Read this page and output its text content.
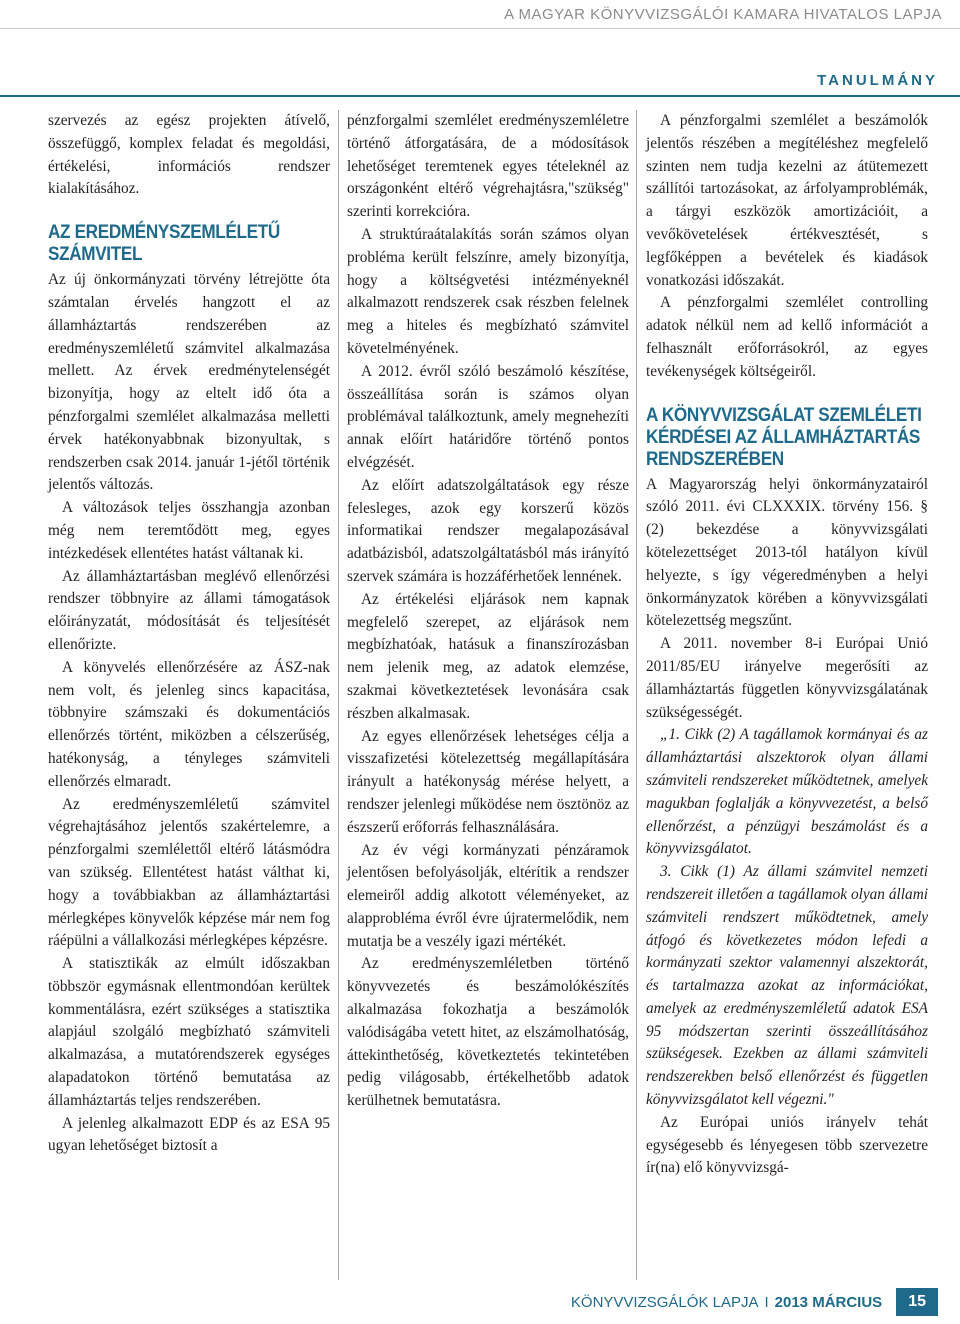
A MAGYAR KÖNYVVIZSGÁLÓI KAMARA HIVATALOS LAPJA
TANULMÁNY

szervezés az egész projekten átívelő, összefüggő, komplex feladat és megoldási, értékelési, információs rendszer kialakításához.

AZ EREDMÉNYSZEMLÉLETŰ SZÁMVITEL

Az új önkormányzati törvény létrejötte óta számtalan érvelés hangzott el az államháztartás rendszerében az eredményszemléletű számvitel alkalmazása mellett. Az érvek eredménytelenségét bizonyítja, hogy az eltelt idő óta a pénzforgalmi szemlélet alkalmazása melletti érvek hatékonyabbnak bizonyultak, s rendszerben csak 2014. január 1-jétől történik jelentős változás.

A változások teljes összhangja azonban még nem teremtődött meg, egyes intézkedések ellentétes hatást váltanak ki.

Az államháztartásban meglévő ellenőrzési rendszer többnyire az állami támogatások előirányzatát, módosítását és teljesítését ellenőrizte.

A könyvelés ellenőrzésére az ÁSZ-nak nem volt, és jelenleg sincs kapacitása, többnyire számszaki és dokumentációs ellenőrzés történt, miközben a célszerűség, hatékonyság, a tényleges számviteli ellenőrzés elmaradt.

Az eredményszemléletű számvitel végrehajtásához jelentős szakértelemre, a pénzforgalmi szemlélettől eltérő látásmódra van szükség. Ellentétest hatást válthat ki, hogy a továbbiakban az államháztartási mérlegképes könyvelők képzése már nem fog ráépülni a vállalkozási mérlegképes képzésre.

A statisztikák az elmúlt időszakban többször egymásnak ellentmondóan kerültek kommentálásra, ezért szükséges a statisztika alapjául szolgáló megbízható számviteli alkalmazása, a mutatórendszerek egységes alapadatokon történő bemutatása az államháztartás teljes rendszerében.

A jelenleg alkalmazott EDP és az ESA 95 ugyan lehetőséget biztosít a

pénzforgalmi szemlélet eredményszemléletre történő átforgatására, de a módosítások lehetőséget teremtenek egyes tételeknél az országonként eltérő végrehajtásra,"szükség" szerinti korrekcióra.

A struktúraátalakítás során számos olyan probléma került felszínre, amely bizonyítja, hogy a költségvetési intézményeknél alkalmazott rendszerek csak részben felelnek meg a hiteles és megbízható számvitel követelményének.

A 2012. évről szóló beszámoló készítése, összeállítása során is számos olyan problémával találkoztunk, amely megnehezíti annak előírt határidőre történő pontos elvégzését.

Az előírt adatszolgáltatások egy része felesleges, azok egy korszerű közös informatikai rendszer megalapozásával adatbázisból, adatszolgáltatásból más irányító szervek számára is hozzáférhetőek lennének.

Az értékelési eljárások nem kapnak megfelelő szerepet, az eljárások nem megbízhatóak, hatásuk a finanszírozásban nem jelenik meg, az adatok elemzése, szakmai következtetések levonására csak részben alkalmasak.

Az egyes ellenőrzések lehetséges célja a visszafizetési kötelezettség megállapítására irányult a hatékonyság mérése helyett, a rendszer jelenlegi működése nem ösztönöz az észszerű erőforrás felhasználására.

Az év végi kormányzati pénzáramok jelentősen befolyásolják, eltérítik a rendszer elemeiről addig alkotott véleményeket, az alapprobléma évről évre újratermelődik, nem mutatja be a veszély igazi mértékét.

Az eredményszemléletben történő könyvvezetés és beszámolókészítés alkalmazása fokozhatja a beszámolók valódiságába vetett hitet, az elszámolhatóság, áttekinthetőség, következtetés tekintetében pedig világosabb, értékelhetőbb adatok kerülhetnek bemutatásra.

A pénzforgalmi szemlélet a beszámolók jelentős részében a megítéléshez megfelelő szinten nem tudja kezelni az átütemezett szállítói tartozásokat, az árfolyamproblémák, a tárgyi eszközök amortizációit, a vevőkövetelések értékvesztését, s legfőképpen a bevételek és kiadások vonatkozási időszakát.

A pénzforgalmi szemlélet controlling adatok nélkül nem ad kellő információt a felhasznált erőforrásokról, az egyes tevékenységek költségeiről.

A KÖNYVVIZSGÁLAT SZEMLÉLETI KÉRDÉSEI AZ ÁLLAMHÁZTARTÁS RENDSZERÉBEN

A Magyarország helyi önkormányzatairól szóló 2011. évi CLXXXIX. törvény 156. § (2) bekezdése a könyvvizsgálati kötelezettséget 2013-tól hatályon kívül helyezte, s így végeredményben a helyi önkormányzatok körében a könyvvizsgálati kötelezettség megszűnt.

A 2011. november 8-i Európai Unió 2011/85/EU irányelve megerősíti az államháztartás független könyvvizsgálatának szükségességét.

„1. Cikk (2) A tagállamok kormányai és az államháztartási alszektorok olyan állami számviteli rendszereket működtetnek, amelyek magukban foglalják a könyvvezetést, a belső ellenőrzést, a pénzügyi beszámolást és a könyvvizsgálatot.

3. Cikk (1) Az állami számvitel nemzeti rendszereit illetően a tagállamok olyan állami számviteli rendszert működtetnek, amely átfogó és következetes módon lefedi a kormányzati szektor valamennyi alszektorát, és tartalmazza azokat az információkat, amelyek az eredményszemléletű adatok ESA 95 módszertan szerinti összeállításához szükségesek. Ezekben az állami számviteli rendszerekben belső ellenőrzést és független könyvvizsgálatot kell végezni."

Az Európai uniós irányelv tehát egységesebb és lényegesen több szervezetre ír(na) elő könyvvizsgá-

KÖNYVVIZSGÁLÓK LAPJA I 2013 MÁRCIUS	15
